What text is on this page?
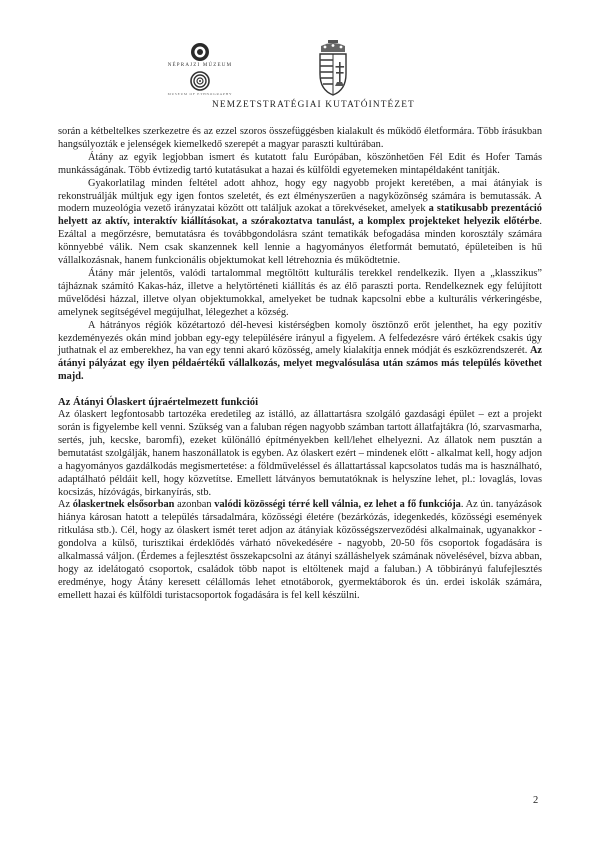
NÉPRAJZI MÚZEUM
MUSEUM OF ETHNOGRAPHY
NEMZETSTRATÉGIAI KUTATÓINTÉZET

során a kétbeltelkes szerkezetre és az ezzel szoros összefüggésben kialakult és működő életformára. Több írásukban hangsúlyozták e jelenségek kiemelkedő szerepét a magyar paraszti kultúrában.

Átány az egyik legjobban ismert és kutatott falu Európában, köszönhetően Fél Edit és Hofer Tamás munkásságának. Több évtizedig tartó kutatásukat a hazai és külföldi egyetemeken mintapéldaként tanítják.

Gyakorlatilag minden feltétel adott ahhoz, hogy egy nagyobb projekt keretében, a mai átányiak is rekonstruálják múltjuk egy igen fontos szeletét, és ezt élményszerűen a nagyközönség számára is bemutassák. A modern muzeológia vezető irányzatai között ott találjuk azokat a törekvéseket, amelyek a statikusabb prezentáció helyett az aktív, interaktív kiállításokat, a szórakoztatva tanulást, a komplex projekteket helyezik előtérbe. Ezáltal a megőrzésre, bemutatásra és továbbgondolásra szánt tematikák befogadása minden korosztály számára könnyebbé válik. Nem csak skanzennek kell lennie a hagyományos életformát bemutató, épületeiben is hű vállalkozásnak, hanem funkcionális objektumokat kell létrehoznia és működtetnie.

Átány már jelentős, valódi tartalommal megtöltött kulturális terekkel rendelkezik. Ilyen a „klasszikus” tájháznak számító Kakas-ház, illetve a helytörténeti kiállítás és az élő paraszti porta. Rendelkeznek egy felújított művelődési házzal, illetve olyan objektumokkal, amelyeket be tudnak kapcsolni ebbe a kulturális vérkeringésbe, amelynek segítségével megújulhat, lélegezhet a község.

A hátrányos régiók közétartozó dél-hevesi kistérségben komoly ösztönző erőt jelenthet, ha egy pozitív kezdeményezés okán mind jobban egy-egy településére irányul a figyelem. A felfedezésre váró értékek csakis úgy juthatnak el az emberekhez, ha van egy tenni akaró közösség, amely kialakítja ennek módját és eszközrendszerét. Az átányi pályázat egy ilyen példaértékű vállalkozás, melyet megvalósulása után számos más település követhet majd.

Az Átányi Ólaskert újraértelmezett funkciói

Az ólaskert legfontosabb tartozéka eredetileg az istálló, az állattartásra szolgáló gazdasági épület – ezt a projekt során is figyelembe kell venni. Szükség van a faluban régen nagyobb számban tartott állatfajtákra (ló, szarvasmarha, sertés, juh, kecske, baromfi), ezeket különálló építményekben kell/lehet elhelyezni. Az állatok nem pusztán a bemutatást szolgálják, hanem haszonállatok is egyben. Az ólaskert ezért – mindenek előtt - alkalmat kell, hogy adjon a hagyományos gazdálkodás megismertetése: a földműveléssel és állattartással kapcsolatos tudás ma is használható, adaptálható példáit kell, hogy közvetítse. Emellett látványos bemutatóknak is helyszíne lehet, pl.: lovaglás, lovas kocsizás, hízóvágás, birkanyírás, stb.

Az ólaskertnek elsősorban azonban valódi közösségi térré kell válnia, ez lehet a fő funkciója. Az ún. tanyázások hiánya károsan hatott a település társadalmára, közösségi életére (bezárkózás, idegenkedés, közösségi események ritkulása stb.). Cél, hogy az ólaskert ismét teret adjon az átányiak közösségszerveződési alkalmainak, ugyanakkor - gondolva a külső, turisztikai érdeklődés várható növekedésére - nagyobb, 20-50 fős csoportok fogadására is alkalmassá váljon. (Érdemes a fejlesztést összekapcsolni az átányi szálláshelyek számának növelésével, bízva abban, hogy az idelátogató csoportok, családok több napot is eltöltenek majd a faluban.) A többirányú falufejlesztés eredménye, hogy Átány keresett célállomás lehet etnotáborok, gyermektáborok és ún. erdei iskolák számára, emellett hazai és külföldi turistacsoportok fogadására is fel kell készülni.

2
